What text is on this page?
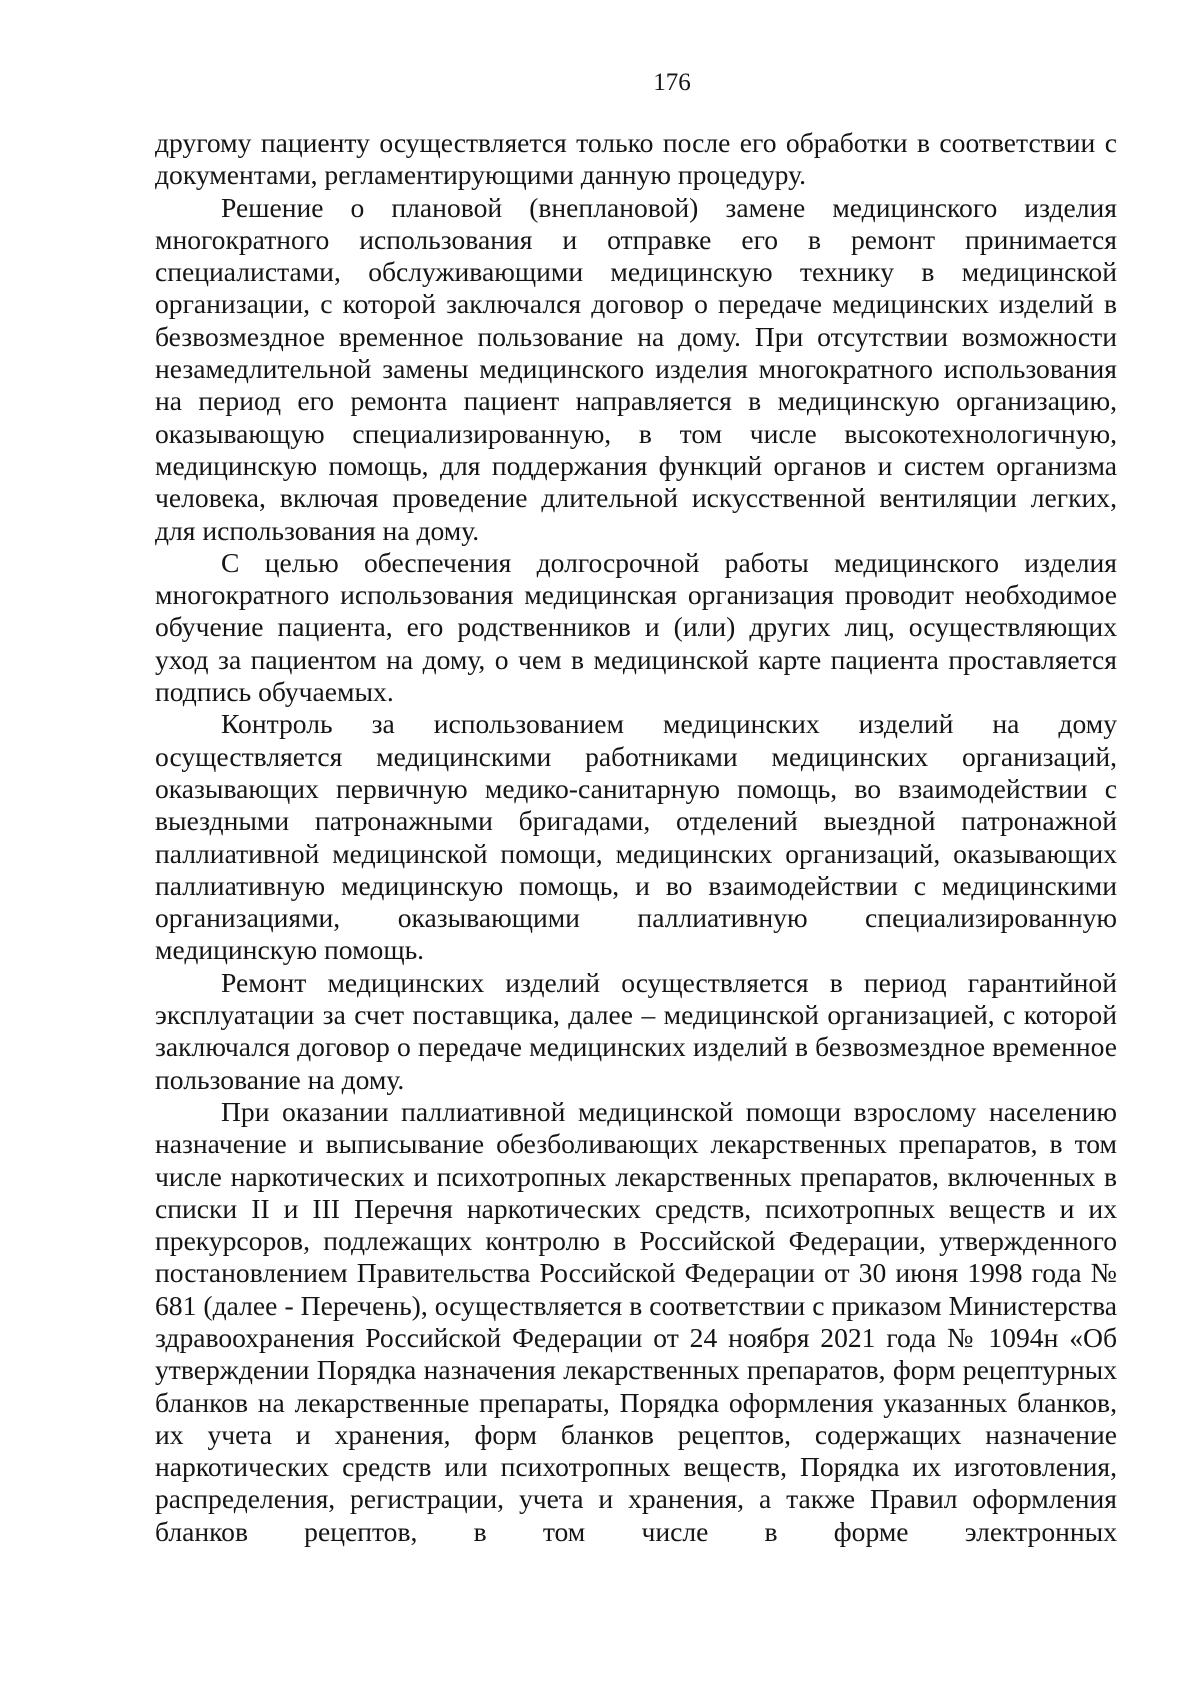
176

другому пациенту осуществляется только после его обработки в соответствии с документами, регламентирующими данную процедуру.

Решение о плановой (внеплановой) замене медицинского изделия многократного использования и отправке его в ремонт принимается специалистами, обслуживающими медицинскую технику в медицинской организации, с которой заключался договор о передаче медицинских изделий в безвозмездное временное пользование на дому. При отсутствии возможности незамедлительной замены медицинского изделия многократного использования на период его ремонта пациент направляется в медицинскую организацию, оказывающую специализированную, в том числе высокотехнологичную, медицинскую помощь, для поддержания функций органов и систем организма человека, включая проведение длительной искусственной вентиляции легких, для использования на дому.

С целью обеспечения долгосрочной работы медицинского изделия многократного использования медицинская организация проводит необходимое обучение пациента, его родственников и (или) других лиц, осуществляющих уход за пациентом на дому, о чем в медицинской карте пациента проставляется подпись обучаемых.

Контроль за использованием медицинских изделий на дому осуществляется медицинскими работниками медицинских организаций, оказывающих первичную медико-санитарную помощь, во взаимодействии с выездными патронажными бригадами, отделений выездной патронажной паллиативной медицинской помощи, медицинских организаций, оказывающих паллиативную медицинскую помощь, и во взаимодействии с медицинскими организациями, оказывающими паллиативную специализированную медицинскую помощь.

Ремонт медицинских изделий осуществляется в период гарантийной эксплуатации за счет поставщика, далее – медицинской организацией, с которой заключался договор о передаче медицинских изделий в безвозмездное временное пользование на дому.

При оказании паллиативной медицинской помощи взрослому населению назначение и выписывание обезболивающих лекарственных препаратов, в том числе наркотических и психотропных лекарственных препаратов, включенных в списки II и III Перечня наркотических средств, психотропных веществ и их прекурсоров, подлежащих контролю в Российской Федерации, утвержденного постановлением Правительства Российской Федерации от 30 июня 1998 года № 681 (далее - Перечень), осуществляется в соответствии с приказом Министерства здравоохранения Российской Федерации от 24 ноября 2021 года № 1094н «Об утверждении Порядка назначения лекарственных препаратов, форм рецептурных бланков на лекарственные препараты, Порядка оформления указанных бланков, их учета и хранения, форм бланков рецептов, содержащих назначение наркотических средств или психотропных веществ, Порядка их изготовления, распределения, регистрации, учета и хранения, а также Правил оформления бланков рецептов, в том числе в форме электронных
